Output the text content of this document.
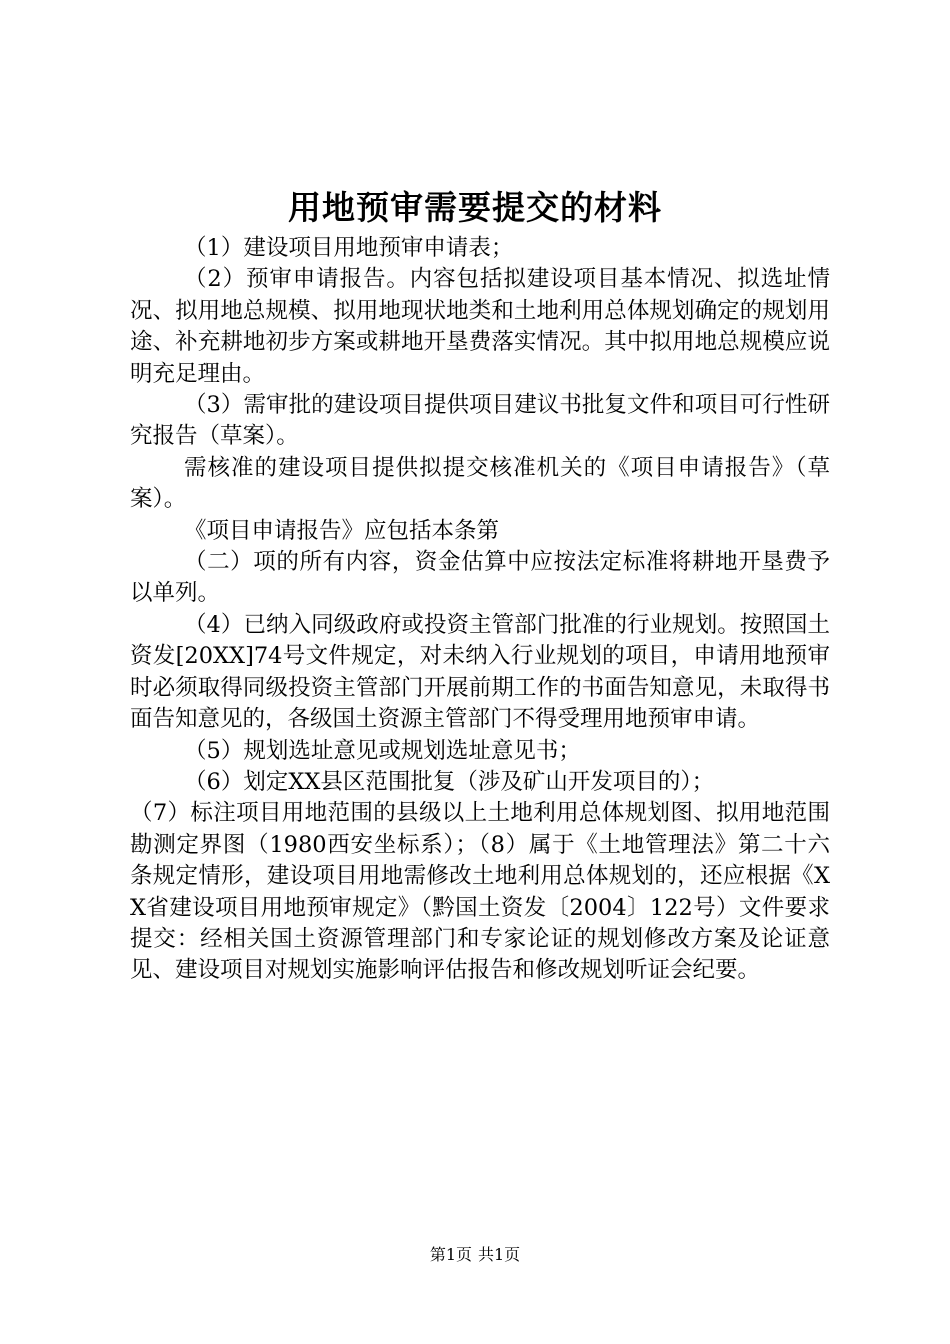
用地预审需要提交的材料

（1）建设项目用地预审申请表；

（2）预审申请报告。内容包括拟建设项目基本情况、拟选址情况、拟用地总规模、拟用地现状地类和土地利用总体规划确定的规划用途、补充耕地初步方案或耕地开垦费落实情况。其中拟用地总规模应说明充足理由。

（3）需审批的建设项目提供项目建议书批复文件和项目可行性研究报告（草案）。

需核准的建设项目提供拟提交核准机关的《项目申请报告》（草案）。

《项目申请报告》应包括本条第

（二）项的所有内容，资金估算中应按法定标准将耕地开垦费予以单列。

（4）已纳入同级政府或投资主管部门批准的行业规划。按照国土资发[20XX]74号文件规定，对未纳入行业规划的项目，申请用地预审时必须取得同级投资主管部门开展前期工作的书面告知意见，未取得书面告知意见的，各级国土资源主管部门不得受理用地预审申请。

（5）规划选址意见或规划选址意见书；

（6）划定XX县区范围批复（涉及矿山开发项目的）；

（7）标注项目用地范围的县级以上土地利用总体规划图、拟用地范围勘测定界图（1980西安坐标系）；（8）属于《土地管理法》第二十六条规定情形，建设项目用地需修改土地利用总体规划的，还应根据《XX省建设项目用地预审规定》（黔国土资发〔2004〕122号）文件要求提交：经相关国土资源管理部门和专家论证的规划修改方案及论证意见、建设项目对规划实施影响评估报告和修改规划听证会纪要。

第1页 共1页
